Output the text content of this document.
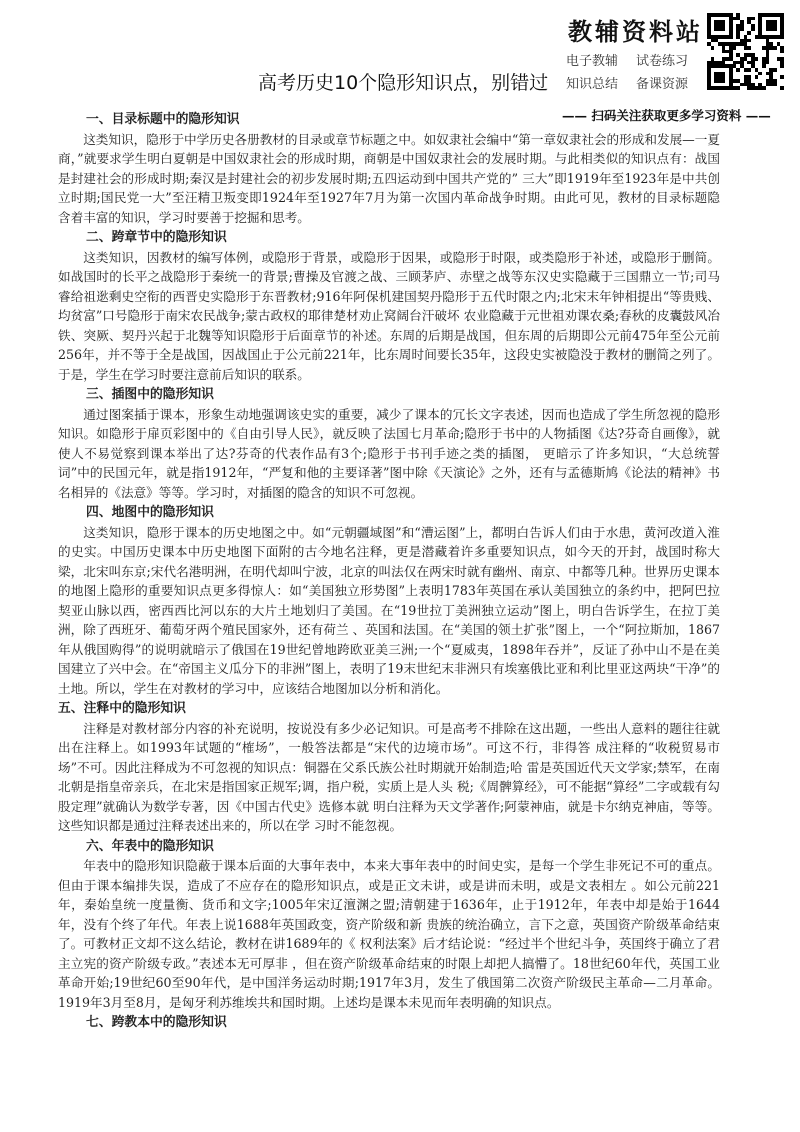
教辅资料站
电子教辅	试卷练习
知识总结	备课资源
高考历史10个隐形知识点，别错过
—— 扫码关注获取更多学习资料 ——

一、目录标题中的隐形知识

这类知识，隐形于中学历史各册教材的目录或章节标题之中。如奴隶社会编中“第一章奴隶社会的形成和发展—一夏商，”就要求学生明白夏朝是中国奴隶社会的形成时期，商朝是中国奴隶社会的发展时期。与此相类似的知识点有：战国是封建社会的形成时期;秦汉是封建社会的初步发展时期;五四运动到中国共产党的” 三大”即1919年至1923年是中共创立时期;国民党一大”至汪精卫叛变即1924年至1927年7月为第一次国内革命战争时期。由此可见，教材的目录标题隐含着丰富的知识，学习时要善于挖掘和思考。

二、跨章节中的隐形知识

这类知识，因教材的编写体例，或隐形于背景，或隐形于因果，或隐形于时限，或类隐形于补述，或隐形于删简。如战国时的长平之战隐形于秦统一的背景;曹操及官渡之战、三顾茅庐、赤壁之战等东汉史实隐藏于三国鼎立一节;司马睿给祖逖剩史空衔的西晋史实隐形于东晋教材;916年阿保机建国契丹隐形于五代时限之内;北宋末年钟相提出“等贵贱、均贫富”口号隐形于南宋农民战争;蒙古政权的耶律楚材劝止窝阔台汗破坏 农业隐藏于元世祖劝课农桑;春秋的皮囊鼓风冶铁、突厥、契丹兴起于北魏等知识隐形于后面章节的补述。东周的后期是战国，但东周的后期即公元前475年至公元前256年，并不等于全是战国，因战国止于公元前221年，比东周时间要长35年，这段史实被隐没于教材的删简之列了。于是，学生在学习时要注意前后知识的联系。

三、插图中的隐形知识

通过图案插于课本，形象生动地强调该史实的重要，减少了课本的冗长文字表述，因而也造成了学生所忽视的隐形知识。如隐形于扉页彩图中的《自由引导人民》，就反映了法国七月革命;隐形于书中的人物插图《达?芬奇自画像》，就使人不易觉察到课本举出了达?芬奇的代表作品有3个;隐形于书刊手迹之类的插图， 更暗示了许多知识，“大总统誓词”中的民国元年，就是指1912年，“严复和他的主要译著”图中除《天演论》之外，还有与孟德斯鸠《论法的精神》书名相异的《法意》等等。学习时，对插图的隐含的知识不可忽视。

四、地图中的隐形知识

这类知识，隐形于课本的历史地图之中。如“元朝疆域图”和“漕运图”上，都明白告诉人们由于水患，黄河改道入淮的史实。中国历史课本中历史地图下面附的古今地名注释，更是潜藏着许多重要知识点，如今天的开封，战国时称大梁，北宋叫东京;宋代名港明洲，在明代却叫宁波，北京的叫法仅在两宋时就有幽州、南京、中都等几种。世界历史课本的地图上隐形的重要知识点更多得惊人：如“美国独立形势图”上表明1783年英国在承认美国独立的条约中，把阿巴拉契亚山脉以西，密西西比河以东的大片土地划归了美国。在“19世拉丁美洲独立运动”图上，明白告诉学生，在拉丁美洲，除了西班牙、葡萄牙两个殖民国家外，还有荷兰 、英国和法国。在“美国的领土扩张”图上，一个“阿拉斯加，1867年从俄国购得”的说明就暗示了俄国在19世纪曾地跨欧亚美三洲;一个“夏威夷，1898年吞并”，反证了孙中山不是在美国建立了兴中会。在“帝国主义瓜分下的非洲”图上，表明了19末世纪末非洲只有埃塞俄比亚和利比里亚这两块“干净”的土地。所以，学生在对教材的学习中，应该结合地图加以分析和消化。

五、注释中的隐形知识

注释是对教材部分内容的补充说明，按说没有多少必记知识。可是高考不排除在这出题，一些出人意料的题往往就出在注释上。如1993年试题的“榷场”，一般答法都是“宋代的边境市场”。可这不行，非得答 成注释的“收税贸易市场”不可。因此注释成为不可忽视的知识点：铜器在父系氏族公社时期就开始制造;哈 雷是英国近代天文学家;禁军，在南北朝是指皇帝亲兵，在北宋是指国家正规军;调，指户税，实质上是人头 税;《周髀算经》，可不能据“算经”二字或载有勾股定理”就确认为数学专著，因《中国古代史》选修本就 明白注释为天文学著作;阿蒙神庙，就是卡尔纳克神庙，等等。这些知识都是通过注释表述出来的，所以在学 习时不能忽视。

六、年表中的隐形知识

年表中的隐形知识隐蔽于课本后面的大事年表中，本来大事年表中的时间史实，是每一个学生非死记不可的重点。但由于课本编排失误，造成了不应存在的隐形知识点，或是正文未讲，或是讲而未明，或是文表相左 。如公元前221年，秦始皇统一度量衡、货币和文字;1005年宋辽澶渊之盟;清朝建于1636年，止于1912年，年表中却是始于1644年，没有个终了年代。年表上说1688年英国政变，资产阶级和新 贵族的统治确立，言下之意，英国资产阶级革命结束了。可教材正文却不这么结论，教材在讲1689年的《 权利法案》后才结论说：“经过半个世纪斗争，英国终于确立了君主立宪的资产阶级专政。”表述本无可厚非 ，但在资产阶级革命结束的时限上却把人搞懵了。18世纪60年代，英国工业革命开始;19世纪60至90年代，是中国洋务运动时期;1917年3月，发生了俄国第二次资产阶级民主革命—二月革命。1919年3月至8月，是匈牙利苏维埃共和国时期。上述均是课本未见而年表明确的知识点。

七、跨教本中的隐形知识
